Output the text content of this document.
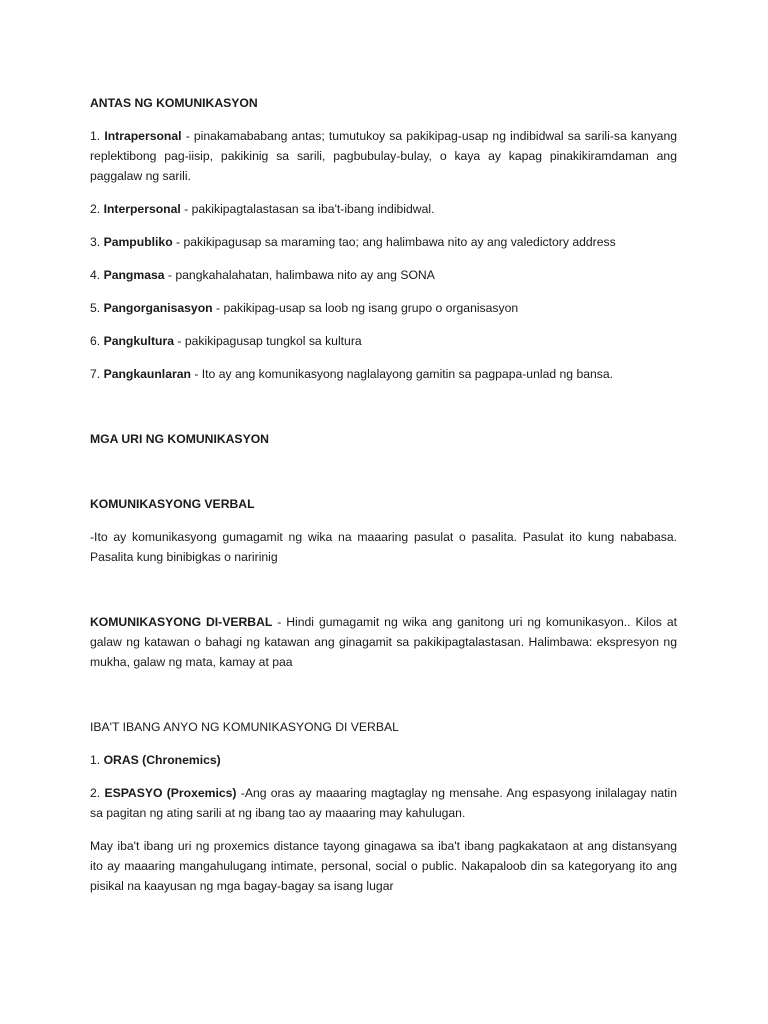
ANTAS NG KOMUNIKASYON

1. Intrapersonal - pinakamababang antas; tumutukoy sa pakikipag-usap ng indibidwal sa sarili-sa kanyang replektibong pag-iisip, pakikinig sa sarili, pagbubulay-bulay, o kaya ay kapag pinakikiramdaman ang paggalaw ng sarili.

2. Interpersonal - pakikipagtalastasan sa iba't-ibang indibidwal.

3. Pampubliko - pakikipagusap sa maraming tao; ang halimbawa nito ay ang valedictory address

4. Pangmasa - pangkahalahatan, halimbawa nito ay ang SONA

5. Pangorganisasyon - pakikipag-usap sa loob ng isang grupo o organisasyon

6. Pangkultura - pakikipagusap tungkol sa kultura

7. Pangkaunlaran - Ito ay ang komunikasyong naglalayong gamitin sa pagpapa-unlad ng bansa.

MGA URI NG KOMUNIKASYON

KOMUNIKASYONG VERBAL

-Ito ay komunikasyong gumagamit ng wika na maaaring pasulat o pasalita. Pasulat ito kung nababasa. Pasalita kung binibigkas o naririnig

KOMUNIKASYONG DI-VERBAL - Hindi gumagamit ng wika ang ganitong uri ng komunikasyon.. Kilos at galaw ng katawan o bahagi ng katawan ang ginagamit sa pakikipagtalastasan. Halimbawa: ekspresyon ng mukha, galaw ng mata, kamay at paa

IBA'T IBANG ANYO NG KOMUNIKASYONG DI VERBAL

1. ORAS (Chronemics)

2. ESPASYO (Proxemics) -Ang oras ay maaaring magtaglay ng mensahe. Ang espasyong inilalagay natin sa pagitan ng ating sarili at ng ibang tao ay maaaring may kahulugan.

May iba't ibang uri ng proxemics distance tayong ginagawa sa iba't ibang pagkakataon at ang distansyang ito ay maaaring mangahulugang intimate, personal, social o public. Nakapaloob din sa kategoryang ito ang pisikal na kaayusan ng mga bagay-bagay sa isang lugar
